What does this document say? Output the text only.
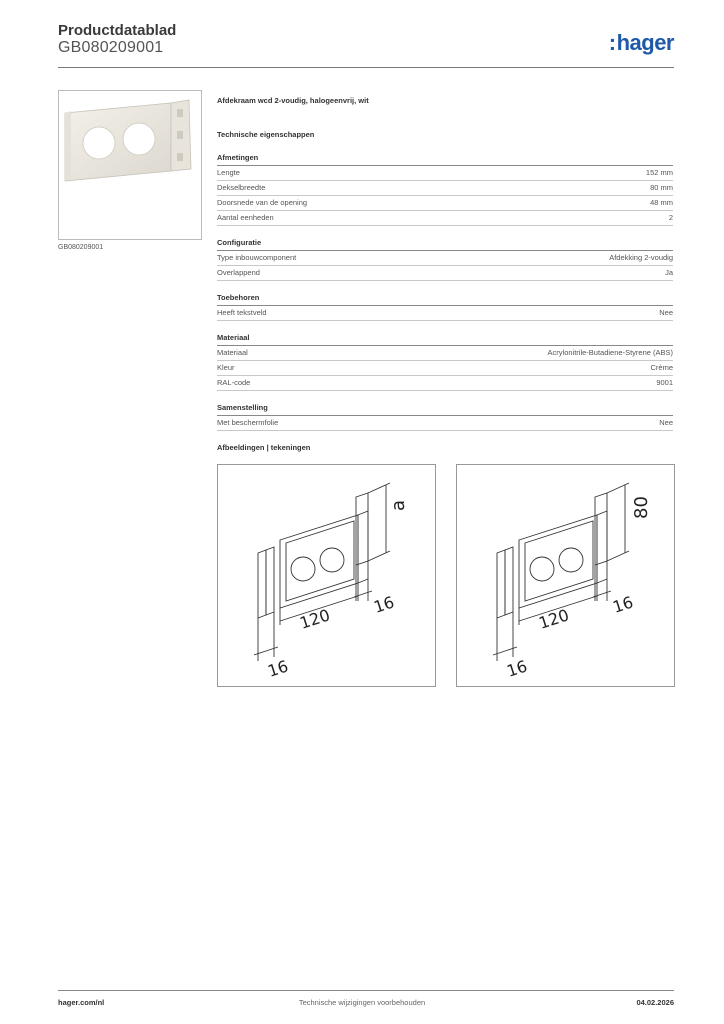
Productdatablad
GB080209001	:hager
GB080209001
Afdekraam wcd 2-voudig, halogeenvrij, wit
Technische eigenschappen
Afmetingen
Lengte	152 mm
Dekselbreedte	80 mm
Doorsnede van de opening	48 mm
Aantal eenheden	2
Configuratie
Type inbouwcomponent	Afdekking 2-voudig
Overlappend	Ja
Toebehoren
Heeft tekstveld	Nee
Materiaal
Materiaal	Acrylonitrile-Butadiene-Styrene (ABS)
Kleur	Crème
RAL-code	9001
Samenstelling
Met beschermfolie	Nee
Afbeeldingen | tekeningen
a
120
16
16
80
120
16
16
hager.com/nl	Technische wijzigingen voorbehouden	04.02.2026
